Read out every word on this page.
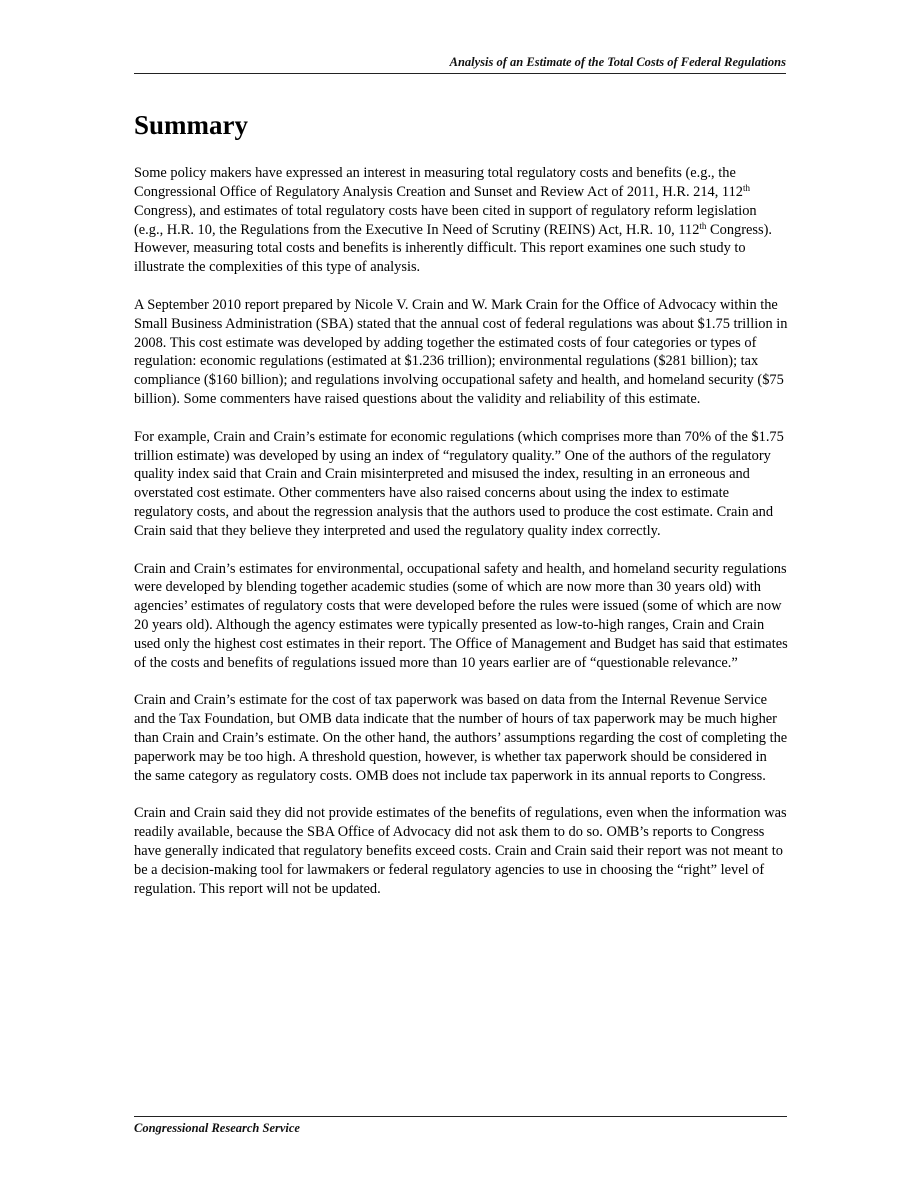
Analysis of an Estimate of the Total Costs of Federal Regulations
Summary

Some policy makers have expressed an interest in measuring total regulatory costs and benefits (e.g., the Congressional Office of Regulatory Analysis Creation and Sunset and Review Act of 2011, H.R. 214, 112th Congress), and estimates of total regulatory costs have been cited in support of regulatory reform legislation (e.g., H.R. 10, the Regulations from the Executive In Need of Scrutiny (REINS) Act, H.R. 10, 112th Congress). However, measuring total costs and benefits is inherently difficult. This report examines one such study to illustrate the complexities of this type of analysis.

A September 2010 report prepared by Nicole V. Crain and W. Mark Crain for the Office of Advocacy within the Small Business Administration (SBA) stated that the annual cost of federal regulations was about $1.75 trillion in 2008. This cost estimate was developed by adding together the estimated costs of four categories or types of regulation: economic regulations (estimated at $1.236 trillion); environmental regulations ($281 billion); tax compliance ($160 billion); and regulations involving occupational safety and health, and homeland security ($75 billion). Some commenters have raised questions about the validity and reliability of this estimate.

For example, Crain and Crain’s estimate for economic regulations (which comprises more than 70% of the $1.75 trillion estimate) was developed by using an index of “regulatory quality.” One of the authors of the regulatory quality index said that Crain and Crain misinterpreted and misused the index, resulting in an erroneous and overstated cost estimate. Other commenters have also raised concerns about using the index to estimate regulatory costs, and about the regression analysis that the authors used to produce the cost estimate. Crain and Crain said that they believe they interpreted and used the regulatory quality index correctly.

Crain and Crain’s estimates for environmental, occupational safety and health, and homeland security regulations were developed by blending together academic studies (some of which are now more than 30 years old) with agencies’ estimates of regulatory costs that were developed before the rules were issued (some of which are now 20 years old). Although the agency estimates were typically presented as low-to-high ranges, Crain and Crain used only the highest cost estimates in their report. The Office of Management and Budget has said that estimates of the costs and benefits of regulations issued more than 10 years earlier are of “questionable relevance.”

Crain and Crain’s estimate for the cost of tax paperwork was based on data from the Internal Revenue Service and the Tax Foundation, but OMB data indicate that the number of hours of tax paperwork may be much higher than Crain and Crain’s estimate. On the other hand, the authors’ assumptions regarding the cost of completing the paperwork may be too high. A threshold question, however, is whether tax paperwork should be considered in the same category as regulatory costs. OMB does not include tax paperwork in its annual reports to Congress.

Crain and Crain said they did not provide estimates of the benefits of regulations, even when the information was readily available, because the SBA Office of Advocacy did not ask them to do so. OMB’s reports to Congress have generally indicated that regulatory benefits exceed costs. Crain and Crain said their report was not meant to be a decision-making tool for lawmakers or federal regulatory agencies to use in choosing the “right” level of regulation. This report will not be updated.

Congressional Research Service
